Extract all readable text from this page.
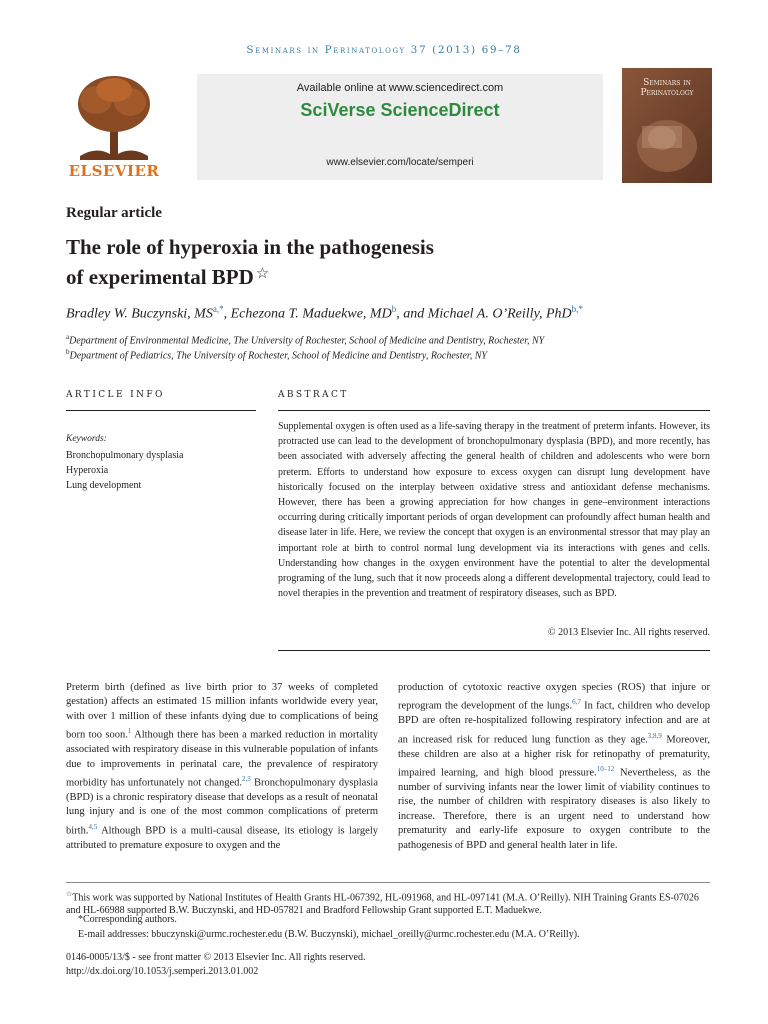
Seminars in Perinatology 37 (2013) 69–78
ELSEVIER
Available online at www.sciencedirect.com
SciVerse ScienceDirect
www.elsevier.com/locate/semperi
Seminars in
Perinatology
Regular article
The role of hyperoxia in the pathogenesis
of experimental BPD ☆
Bradley W. Buczynski, $MS^{a,*}$, Echezona T. Maduekwe, $MD^b$, and Michael A. O’Reilly, PhD$^{b,*}$
$^a$Department of Environmental Medicine, The University of Rochester, School of Medicine and Dentistry, Rochester, NY
$^b$Department of Pediatrics, The University of Rochester, School of Medicine and Dentistry, Rochester, NY
ARTICLE INFO	ABSTRACT
Keywords:
Bronchopulmonary dysplasia
Hyperoxia
Lung development
Supplemental oxygen is often used as a life-saving therapy in the treatment of preterm infants. However, its protracted use can lead to the development of bronchopulmonary dysplasia (BPD), and more recently, has been associated with adversely affecting the general health of children and adolescents who were born preterm. Efforts to understand how exposure to excess oxygen can disrupt lung development have historically focused on the interplay between oxidative stress and antioxidant defense mechanisms. However, there has been a growing appreciation for how changes in gene–environment interactions occurring during critically important periods of organ development can profoundly affect human health and disease later in life. Here, we review the concept that oxygen is an environmental stressor that may play an important role at birth to control normal lung development via its interactions with genes and cells. Understanding how changes in the oxygen environment have the potential to alter the developmental programing of the lung, such that it now proceeds along a different developmental trajectory, could lead to novel therapies in the prevention and treatment of respiratory diseases, such as BPD.
© 2013 Elsevier Inc. All rights reserved.

Preterm birth (defined as live birth prior to 37 weeks of completed gestation) affects an estimated 15 million infants worldwide every year, with over 1 million of these infants dying due to complications of being born too soon.$^1$ Although there has been a marked reduction in mortality associated with respiratory disease in this vulnerable population of infants due to improvements in perinatal care, the prevalence of respiratory morbidity has unfortunately not changed.$^{2,3}$ Bronchopulmonary dysplasia (BPD) is a chronic respiratory disease that develops as a result of neonatal lung injury and is one of the most common complications of preterm birth.$^{4,5}$ Although BPD is a multi-causal disease, its etiology is largely attributed to premature exposure to oxygen and the

production of cytotoxic reactive oxygen species (ROS) that injure or reprogram the development of the lungs.$^{6,7}$ In fact, children who develop BPD are often re-hospitalized following respiratory infection and are at an increased risk for reduced lung function as they age.$^{3,8,9}$ Moreover, these children are also at a higher risk for retinopathy of prematurity, impaired learning, and high blood pressure.$^{10-12}$ Nevertheless, as the number of surviving infants near the lower limit of viability continues to rise, the number of children with respiratory diseases is also likely to increase. Therefore, there is an urgent need to understand how prematurity and early-life exposure to oxygen contribute to the pathogenesis of BPD and general health later in life.

☆This work was supported by National Institutes of Health Grants HL-067392, HL-091968, and HL-097141 (M.A. O’Reilly). NIH Training Grants ES-07026 and HL-66988 supported B.W. Buczynski, and HD-057821 and Bradford Fellowship Grant supported E.T. Maduekwe.
*Corresponding authors.
E-mail addresses: bbuczynski@urmc.rochester.edu (B.W. Buczynski), michael_oreilly@urmc.rochester.edu (M.A. O’Reilly).
0146-0005/13/$ - see front matter © 2013 Elsevier Inc. All rights reserved.
http://dx.doi.org/10.1053/j.semperi.2013.01.002
